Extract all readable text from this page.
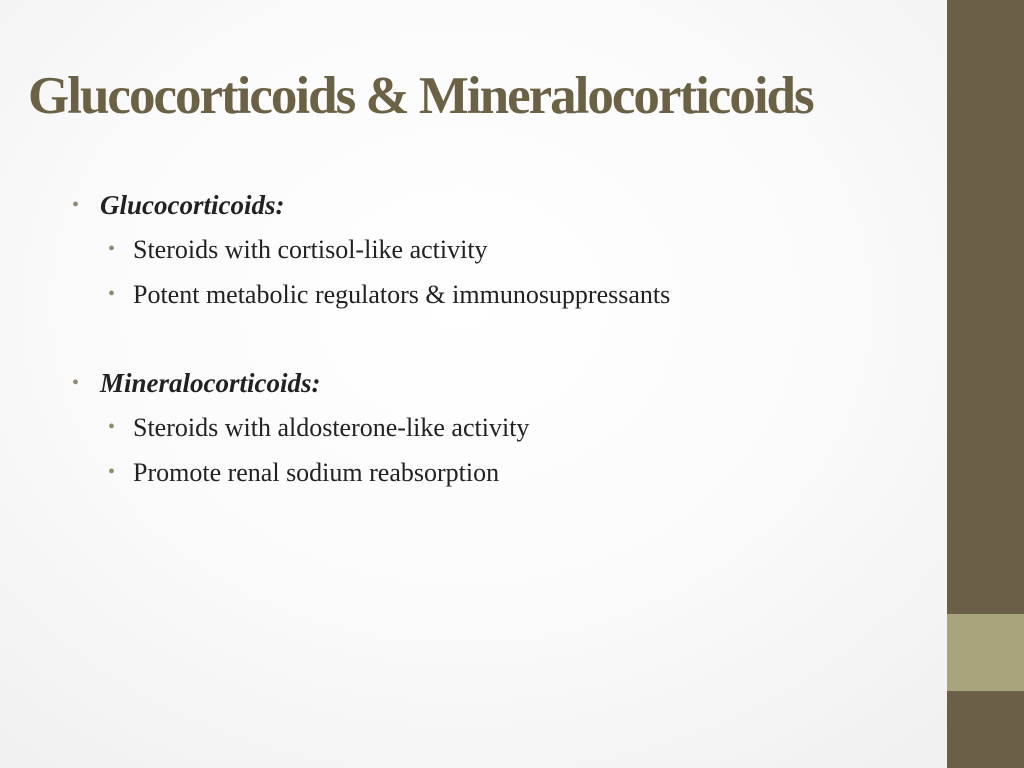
Glucocorticoids & Mineralocorticoids
• Glucocorticoids:
• Steroids with cortisol-like activity
• Potent metabolic regulators & immunosuppressants
• Mineralocorticoids:
• Steroids with aldosterone-like activity
• Promote renal sodium reabsorption
